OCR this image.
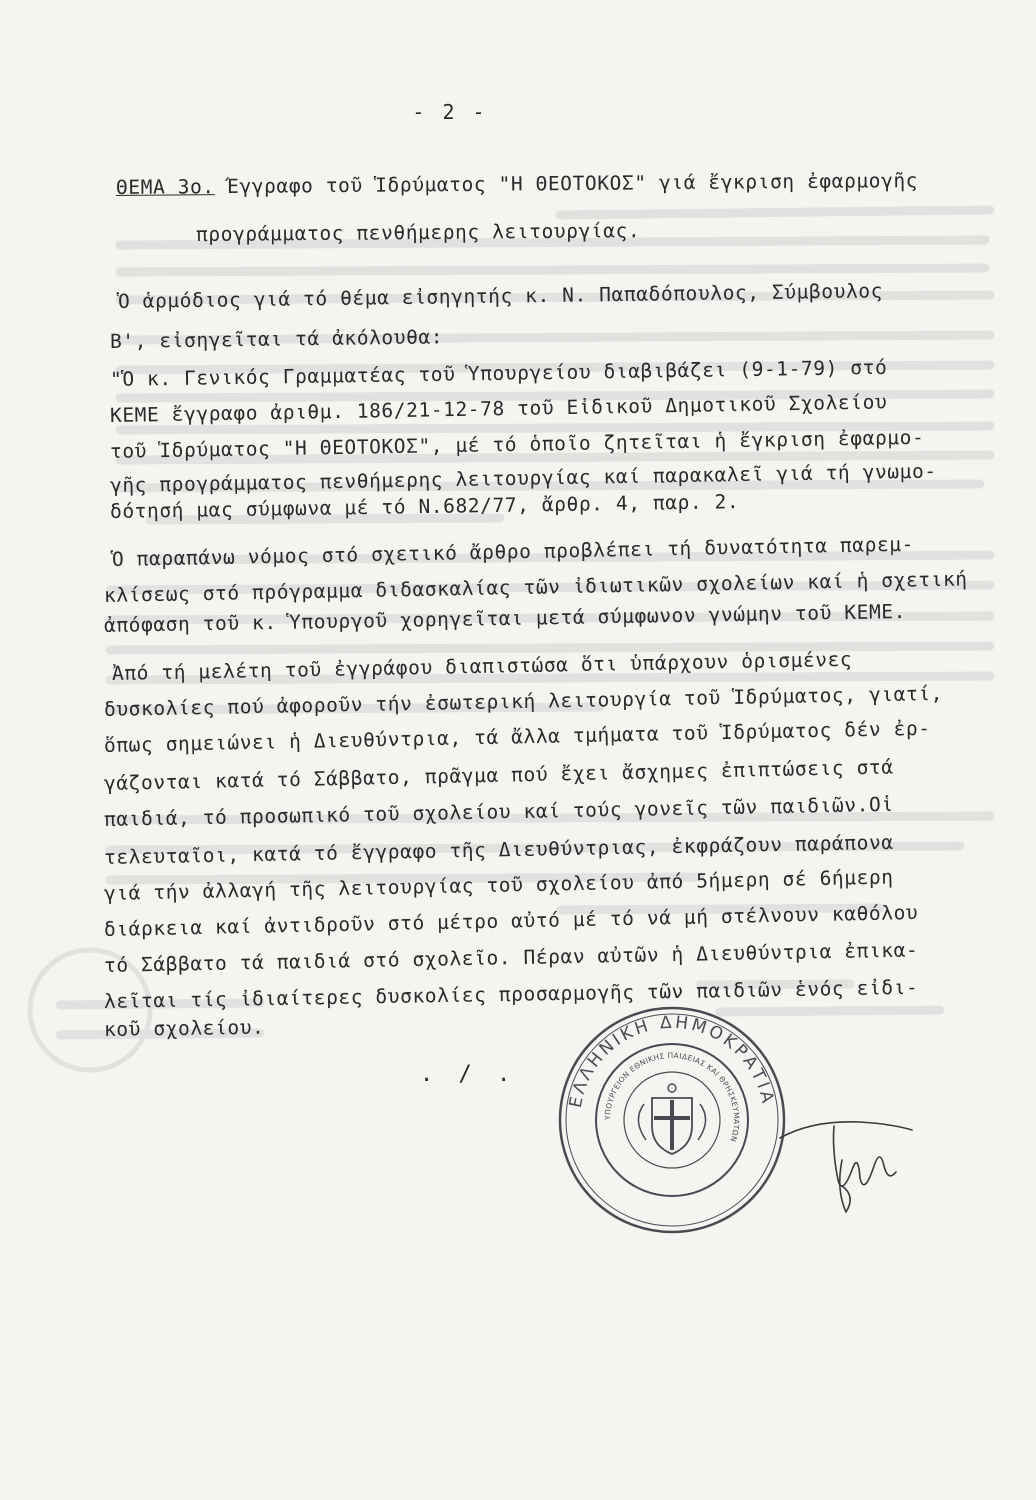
- 2 -
ΘΕΜΑ 3ο. Έγγραφο τοῦ Ἱδρύματος "Η ΘΕΟΤΟΚΟΣ" γιά ἔγκριση ἐφαρμογῆς
προγράμματος πενθήμερης λειτουργίας.
Ὁ ἁρμόδιος γιά τό θέμα εἰσηγητής κ. Ν. Παπαδόπουλος, Σύμβουλος
Β', εἰσηγεῖται τά ἀκόλουθα:
"Ὁ κ. Γενικός Γραμματέας τοῦ Ὑπουργείου διαβιβάζει (9-1-79) στό
ΚΕΜΕ ἔγγραφο ἀριθμ. 186/21-12-78 τοῦ Εἰδικοῦ Δημοτικοῦ Σχολείου
τοῦ Ἱδρύματος "Η ΘΕΟΤΟΚΟΣ", μέ τό ὁποῖο ζητεῖται ἡ ἔγκριση ἐφαρμο-
γῆς προγράμματος πενθήμερης λειτουργίας καί παρακαλεῖ γιά τή γνωμο-
δότησή μας σύμφωνα μέ τό Ν.682/77, ἄρθρ. 4, παρ. 2.
Ὁ παραπάνω νόμος στό σχετικό ἄρθρο προβλέπει τή δυνατότητα παρεμ-
κλίσεως στό πρόγραμμα διδασκαλίας τῶν ἰδιωτικῶν σχολείων καί ἡ σχετική
ἀπόφαση τοῦ κ. Ὑπουργοῦ χορηγεῖται μετά σύμφωνον γνώμην τοῦ ΚΕΜΕ.
Ἀπό τή μελέτη τοῦ ἐγγράφου διαπιστώσα ὅτι ὑπάρχουν ὁρισμένες
δυσκολίες πού ἀφοροῦν τήν ἐσωτερική λειτουργία τοῦ Ἱδρύματος, γιατί,
ὅπως σημειώνει ἡ Διευθύντρια, τά ἄλλα τμήματα τοῦ Ἱδρύματος δέν ἐρ-
γάζονται κατά τό Σάββατο, πρᾶγμα πού ἔχει ἄσχημες ἐπιπτώσεις στά
παιδιά, τό προσωπικό τοῦ σχολείου καί τούς γονεῖς τῶν παιδιῶν.Οἱ
τελευταῖοι, κατά τό ἔγγραφο τῆς Διευθύντριας, ἐκφράζουν παράπονα
γιά τήν ἀλλαγή τῆς λειτουργίας τοῦ σχολείου ἀπό 5ήμερη σέ 6ήμερη
διάρκεια καί ἀντιδροῦν στό μέτρο αὐτό μέ τό νά μή στέλνουν καθόλου
τό Σάββατο τά παιδιά στό σχολεῖο. Πέραν αὐτῶν ἡ Διευθύντρια ἐπικα-
λεῖται τίς ἰδιαίτερες δυσκολίες προσαρμογῆς τῶν παιδιῶν ἑνός εἰδι-
κοῦ σχολείου.
. / .
ΕΛΛΗΝΙΚΗ ΔΗΜΟΚΡΑΤΙΑ
ΥΠΟΥΡΓΕΙΟΝ ΕΘΝΙΚΗΣ ΠΑΙΔΕΙΑΣ ΚΑΙ ΘΡΗΣΚΕΥΜΑΤΩΝ
